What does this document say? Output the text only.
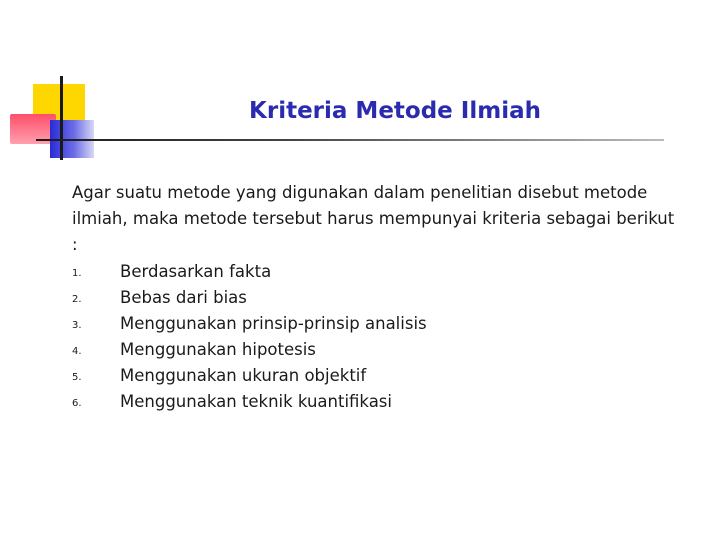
Kriteria Metode Ilmiah
Agar suatu metode yang digunakan dalam penelitian disebut metode
ilmiah, maka metode tersebut harus mempunyai kriteria sebagai berikut :
1. Berdasarkan fakta
2. Bebas dari bias
3. Menggunakan prinsip-prinsip analisis
4. Menggunakan hipotesis
5. Menggunakan ukuran objektif
6. Menggunakan teknik kuantifikasi
